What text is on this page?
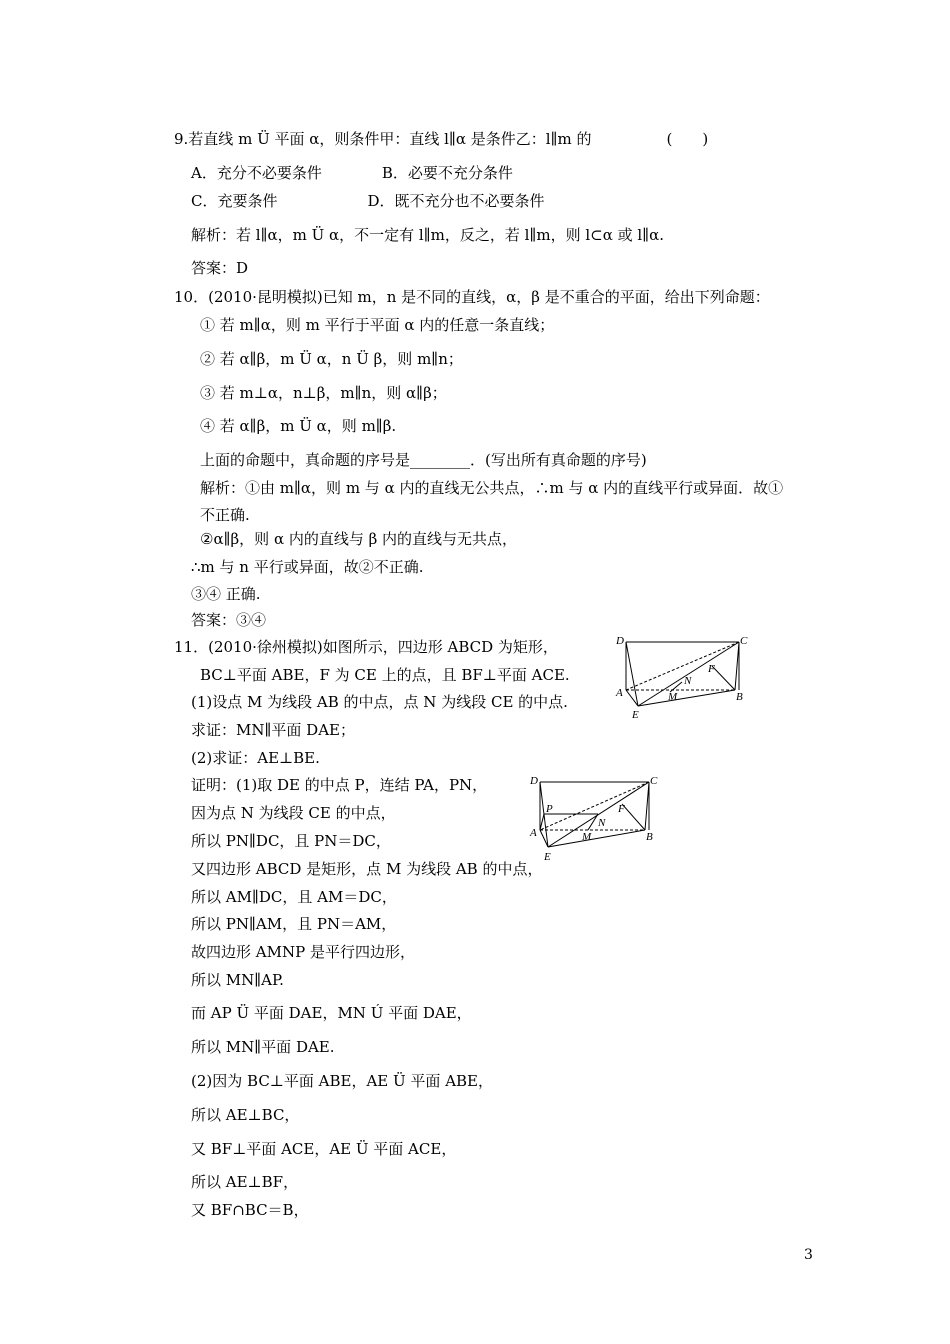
9.若直线 m Ü 平面 α，则条件甲：直线 l∥α 是条件乙：l∥m 的　　　　　(　　)
A．充分不必要条件　　　　B．必要不充分条件
C．充要条件　　　　　　D．既不充分也不必要条件
解析：若 l∥α，m Ü α，不一定有 l∥m，反之，若 l∥m，则 l⊂α 或 l∥α.
答案：D
10．(2010·昆明模拟)已知 m，n 是不同的直线，α，β 是不重合的平面，给出下列命题：
① 若 m∥α，则 m 平行于平面 α 内的任意一条直线；
② 若 α∥β，m Ü α，n Ü β，则 m∥n；
③ 若 m⊥α，n⊥β，m∥n，则 α∥β；
④ 若 α∥β，m Ü α，则 m∥β.
上面的命题中，真命题的序号是________．(写出所有真命题的序号)
解析：①由 m∥α，则 m 与 α 内的直线无公共点，∴m 与 α 内的直线平行或异面．故①
不正确.
②α∥β，则 α 内的直线与 β 内的直线与无共点，
∴m 与 n 平行或异面，故②不正确.
③④ 正确.
答案：③④
11．(2010·徐州模拟)如图所示，四边形 ABCD 为矩形，
BC⊥平面 ABE，F 为 CE 上的点，且 BF⊥平面 ACE.
(1)设点 M 为线段 AB 的中点，点 N 为线段 CE 的中点.
求证：MN∥平面 DAE；
(2)求证：AE⊥BE.
证明：(1)取 DE 的中点 P，连结 PA，PN，
因为点 N 为线段 CE 的中点，
所以 PN∥DC，且 PN＝DC，
又四边形 ABCD 是矩形，点 M 为线段 AB 的中点，
所以 AM∥DC，且 AM＝DC，
所以 PN∥AM，且 PN＝AM，
故四边形 AMNP 是平行四边形，
所以 MN∥AP.
而 AP Ü 平面 DAE，MN Ú 平面 DAE，
所以 MN∥平面 DAE.
(2)因为 BC⊥平面 ABE，AE Ü 平面 ABE，
所以 AE⊥BC，
又 BF⊥平面 ACE，AE Ü 平面 ACE，
所以 AE⊥BF，
又 BF∩BC＝B，
D	C
A	B
E
F
N
M
D	C
P
A
N
F
M	B
E
3
